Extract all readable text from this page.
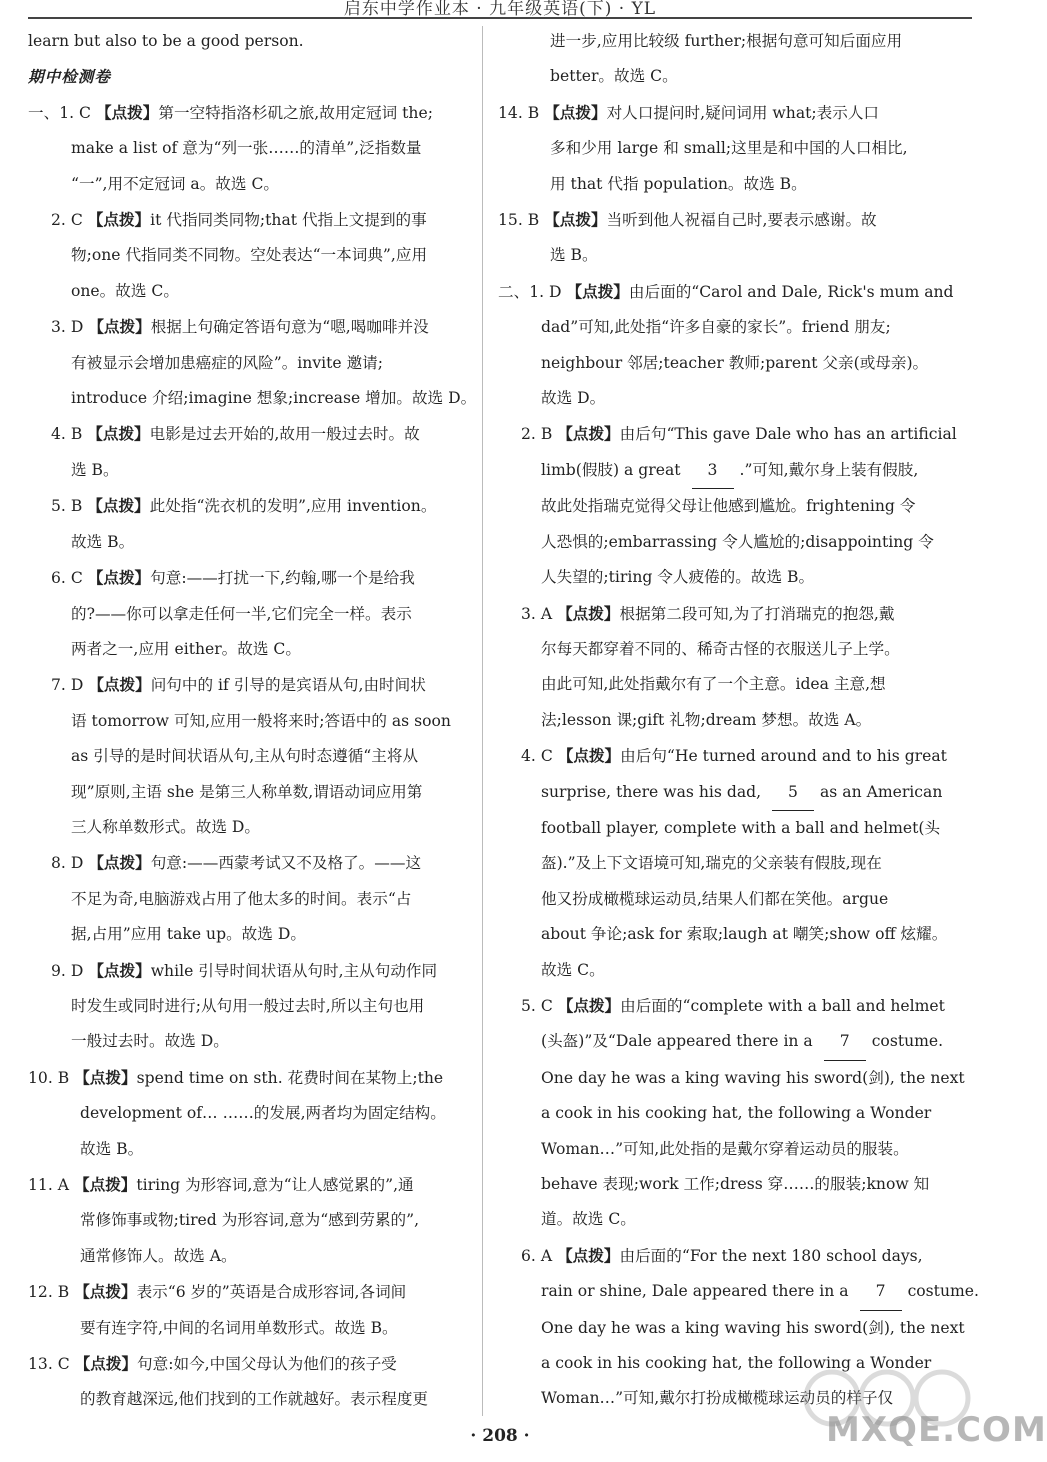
启东中学作业本 · 九年级英语(下) · YL
learn but also to be a good person.
期中检测卷
一、1. C 【点拨】第一空特指洛杉矶之旅,故用定冠词 the;
make a list of 意为“列一张……的清单”,泛指数量
“一”,用不定冠词 a。故选 C。
2. C 【点拨】it 代指同类同物;that 代指上文提到的事
物;one 代指同类不同物。空处表达“一本词典”,应用
one。故选 C。
3. D 【点拨】根据上句确定答语句意为“嗯,喝咖啡并没
有被显示会增加患癌症的风险”。invite 邀请;
introduce 介绍;imagine 想象;increase 增加。故选 D。
4. B 【点拨】电影是过去开始的,故用一般过去时。故
选 B。
5. B 【点拨】此处指“洗衣机的发明”,应用 invention。
故选 B。
6. C 【点拨】句意:——打扰一下,约翰,哪一个是给我
的?——你可以拿走任何一半,它们完全一样。表示
两者之一,应用 either。故选 C。
7. D 【点拨】问句中的 if 引导的是宾语从句,由时间状
语 tomorrow 可知,应用一般将来时;答语中的 as soon
as 引导的是时间状语从句,主从句时态遵循“主将从
现”原则,主语 she 是第三人称单数,谓语动词应用第
三人称单数形式。故选 D。
8. D 【点拨】句意:——西蒙考试又不及格了。——这
不足为奇,电脑游戏占用了他太多的时间。表示“占
据,占用”应用 take up。故选 D。
9. D 【点拨】while 引导时间状语从句时,主从句动作同
时发生或同时进行;从句用一般过去时,所以主句也用
一般过去时。故选 D。
10. B 【点拨】spend time on sth. 花费时间在某物上;the
development of… ……的发展,两者均为固定结构。
故选 B。
11. A 【点拨】tiring 为形容词,意为“让人感觉累的”,通
常修饰事或物;tired 为形容词,意为“感到劳累的”,
通常修饰人。故选 A。
12. B 【点拨】表示“6 岁的”英语是合成形容词,各词间
要有连字符,中间的名词用单数形式。故选 B。
13. C 【点拨】句意:如今,中国父母认为他们的孩子受
的教育越深远,他们找到的工作就越好。表示程度更
进一步,应用比较级 further;根据句意可知后面应用
better。故选 C。
14. B 【点拨】对人口提问时,疑问词用 what;表示人口
多和少用 large 和 small;这里是和中国的人口相比,
用 that 代指 population。故选 B。
15. B 【点拨】当听到他人祝福自己时,要表示感谢。故
选 B。
二、1. D 【点拨】由后面的“Carol and Dale, Rick's mum and
dad”可知,此处指“许多自豪的家长”。friend 朋友;
neighbour 邻居;teacher 教师;parent 父亲(或母亲)。
故选 D。
2. B 【点拨】由后句“This gave Dale who has an artificial
limb(假肢) a great 3 .”可知,戴尔身上装有假肢,
故此处指瑞克觉得父母让他感到尴尬。frightening 令
人恐惧的;embarrassing 令人尴尬的;disappointing 令
人失望的;tiring 令人疲倦的。故选 B。
3. A 【点拨】根据第二段可知,为了打消瑞克的抱怨,戴
尔每天都穿着不同的、稀奇古怪的衣服送儿子上学。
由此可知,此处指戴尔有了一个主意。idea 主意,想
法;lesson 课;gift 礼物;dream 梦想。故选 A。
4. C 【点拨】由后句“He turned around and to his great
surprise, there was his dad, 5 as an American
football player, complete with a ball and helmet(头
盔).”及上下文语境可知,瑞克的父亲装有假肢,现在
他又扮成橄榄球运动员,结果人们都在笑他。argue
about 争论;ask for 索取;laugh at 嘲笑;show off 炫耀。
故选 C。
5. C 【点拨】由后面的“complete with a ball and helmet
(头盔)”及“Dale appeared there in a 7 costume.
One day he was a king waving his sword(剑), the next
a cook in his cooking hat, the following a Wonder
Woman…”可知,此处指的是戴尔穿着运动员的服装。
behave 表现;work 工作;dress 穿……的服装;know 知
道。故选 C。
6. A 【点拨】由后面的“For the next 180 school days,
rain or shine, Dale appeared there in a 7 costume.
One day he was a king waving his sword(剑), the next
a cook in his cooking hat, the following a Wonder
Woman…”可知,戴尔打扮成橄榄球运动员的样子仅
· 208 ·	MXQE.COM
